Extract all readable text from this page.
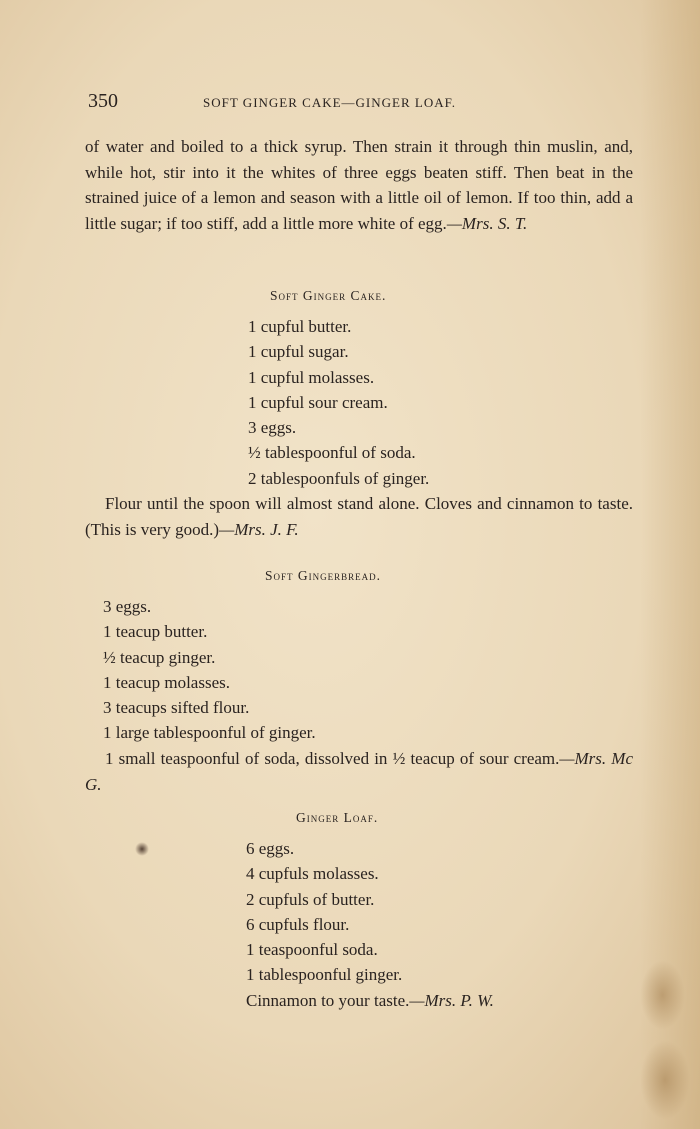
350	SOFT GINGER CAKE—GINGER LOAF.

of water and boiled to a thick syrup. Then strain it through thin muslin, and, while hot, stir into it the whites of three eggs beaten stiff. Then beat in the strained juice of a lemon and season with a little oil of lemon. If too thin, add a little sugar; if too stiff, add a little more white of egg.—Mrs. S. T.

Soft Ginger Cake.
1 cupful butter.
1 cupful sugar.
1 cupful molasses.
1 cupful sour cream.
3 eggs.
½ tablespoonful of soda.
2 tablespoonfuls of ginger.

Flour until the spoon will almost stand alone. Cloves and cinnamon to taste. (This is very good.)—Mrs. J. F.

Soft Gingerbread.
3 eggs.
1 teacup butter.
½ teacup ginger.
1 teacup molasses.
3 teacups sifted flour.
1 large tablespoonful of ginger.

1 small teaspoonful of soda, dissolved in ½ teacup of sour cream.—Mrs. Mc G.

Ginger Loaf.
6 eggs.
4 cupfuls molasses.
2 cupfuls of butter.
6 cupfuls flour.
1 teaspoonful soda.
1 tablespoonful ginger.
Cinnamon to your taste.—Mrs. P. W.
